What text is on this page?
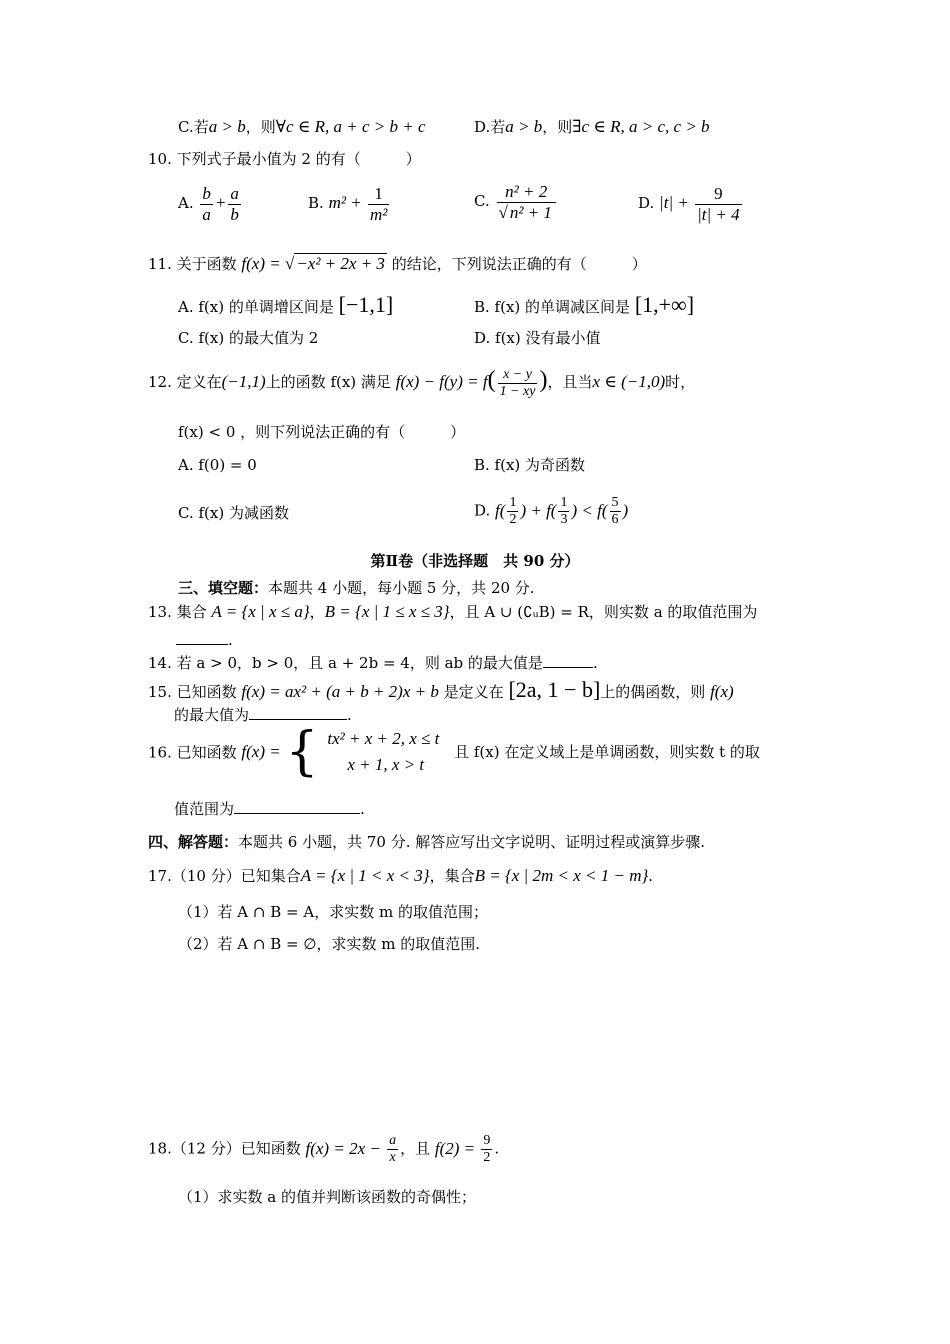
C.若a > b，则∀c ∈ R, a + c > b + c	D.若a > b，则∃c ∈ R, a > c, c > b
10. 下列式子最小值为 2 的有（　　　）
A. $\frac{b}{a} + \frac{a}{b}$	B. $m^2 + \frac{1}{\text{m²}}$	C. $\frac{\text{n² + 2}}{\text{√ n² + 1}}$	D. $|t| + \frac{9}{|t| + 4}$
11. 关于函数 f(x) = √ −x² + 2x + 3 的结论，下列说法正确的有（　　　）
A. f(x) 的单调增区间是 [−1,1]	B. f(x) 的单调减区间是 [1,+∞]
C. f(x) 的最大值为 2	D. f(x) 没有最小值
12. 定义在(−1,1)上的函数 f(x) 满足 $f(x) - f(y) = f( \frac{x - y}{1 - xy}$ )，且当x ∈ (−1,0)时，
f(x) < 0 ，则下列说法正确的有（　　　）
A. f(0) = 0	B. f(x) 为奇函数
C. f(x) 为减函数	D. $f( \frac{1}{2}$ ) + $f( \frac{1}{3}$ ) < $f( \frac{5}{6}$ )
第Ⅱ卷（非选择题　共 90 分）
三、填空题：本题共 4 小题，每小题 5 分，共 20 分.
13. 集合 A = {x | x ≤ a}，B = {x | 1 ≤ x ≤ 3}，且 A ∪ (∁ᵤB) = R，则实数 a 的取值范围为
.
14. 若 a > 0，b > 0，且 a + 2b = 4，则 ab 的最大值是	.
15. 已知函数 f(x) = ax² + (a + b + 2)x + b 是定义在 [2a, 1 − b]上的偶函数，则 f(x)
的最大值为	.
16. 已知函数 f(x) = { tx² + x + 2, x ≤ t
x + 1, x > t
且 f(x) 在定义域上是单调函数，则实数 t 的取
值范围为	.
四、解答题：本题共 6 小题，共 70 分. 解答应写出文字说明、证明过程或演算步骤.
17.（10 分）已知集合A = {x | 1 < x < 3}，集合B = {x | 2m < x < 1 − m}.
（1）若 A ∩ B = A，求实数 m 的取值范围；
（2）若 A ∩ B = ∅，求实数 m 的取值范围.
18.（12 分）已知函数 $f(x) = 2x - \frac{a}{x}$ ，且 $f(2) = \frac{9}{2}$ .
（1）求实数 a 的值并判断该函数的奇偶性；
